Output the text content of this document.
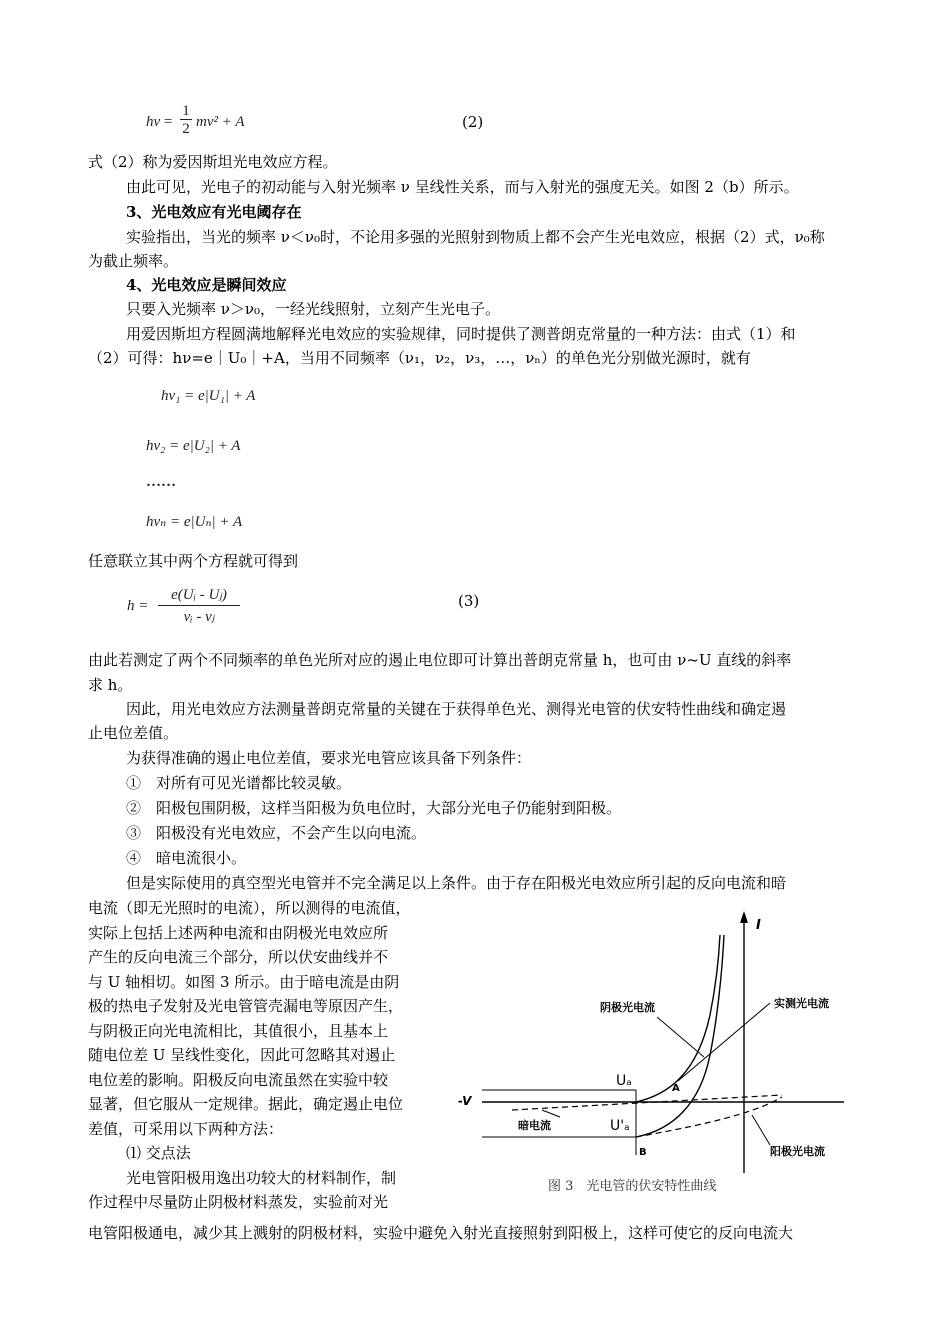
hν =
1
2 mv² + A	(2)
式（2）称为爱因斯坦光电效应方程。
由此可见，光电子的初动能与入射光频率 ν 呈线性关系，而与入射光的强度无关。如图 2（b）所示。
3、光电效应有光电阈存在
实验指出，当光的频率 ν＜ν₀时，不论用多强的光照射到物质上都不会产生光电效应，根据（2）式，ν₀称
为截止频率。
4、光电效应是瞬间效应
只要入光频率 ν＞ν₀，一经光线照射，立刻产生光电子。
用爱因斯坦方程圆满地解释光电效应的实验规律，同时提供了测普朗克常量的一种方法：由式（1）和
（2）可得：hν=e｜U₀｜+A，当用不同频率（ν₁，ν₂，ν₃，…，νₙ）的单色光分别做光源时，就有
hν₁ = e|U₁| + A
hν₂ = e|U₂| + A
……
hνₙ = e|Uₙ| + A
任意联立其中两个方程就可得到
h =
e(Uᵢ - Uⱼ)
νᵢ - νⱼ
(3)
由此若测定了两个不同频率的单色光所对应的遏止电位即可计算出普朗克常量 h，也可由 ν~U 直线的斜率
求 h。
因此，用光电效应方法测量普朗克常量的关键在于获得单色光、测得光电管的伏安特性曲线和确定遏
止电位差值。
为获得准确的遏止电位差值，要求光电管应该具备下列条件：
①　对所有可见光谱都比较灵敏。
②　阳极包围阴极，这样当阳极为负电位时，大部分光电子仍能射到阳极。
③　阳极没有光电效应，不会产生以向电流。
④　暗电流很小。
但是实际使用的真空型光电管并不完全满足以上条件。由于存在阳极光电效应所引起的反向电流和暗

电流（即无光照时的电流），所以测得的电流值，

实际上包括上述两种电流和由阴极光电效应所

产生的反向电流三个部分，所以伏安曲线并不

与 U 轴相切。如图 3 所示。由于暗电流是由阴

极的热电子发射及光电管管壳漏电等原因产生，

与阴极正向光电流相比，其值很小，且基本上

随电位差 U 呈线性变化，因此可忽略其对遏止

电位差的影响。阳极反向电流虽然在实验中较

显著，但它服从一定规律。据此，确定遏止电位

差值，可采用以下两种方法：

⑴ 交点法

光电管阳极用逸出功较大的材料制作，制

作过程中尽量防止阴极材料蒸发，实验前对光

I
-V
阴极光电流	实测光电流
暗电流
阳极光电流
Uₐ
U'ₐ
A
B
图 3　光电管的伏安特性曲线
电管阳极通电，减少其上溅射的阴极材料，实验中避免入射光直接照射到阳极上，这样可使它的反向电流大
